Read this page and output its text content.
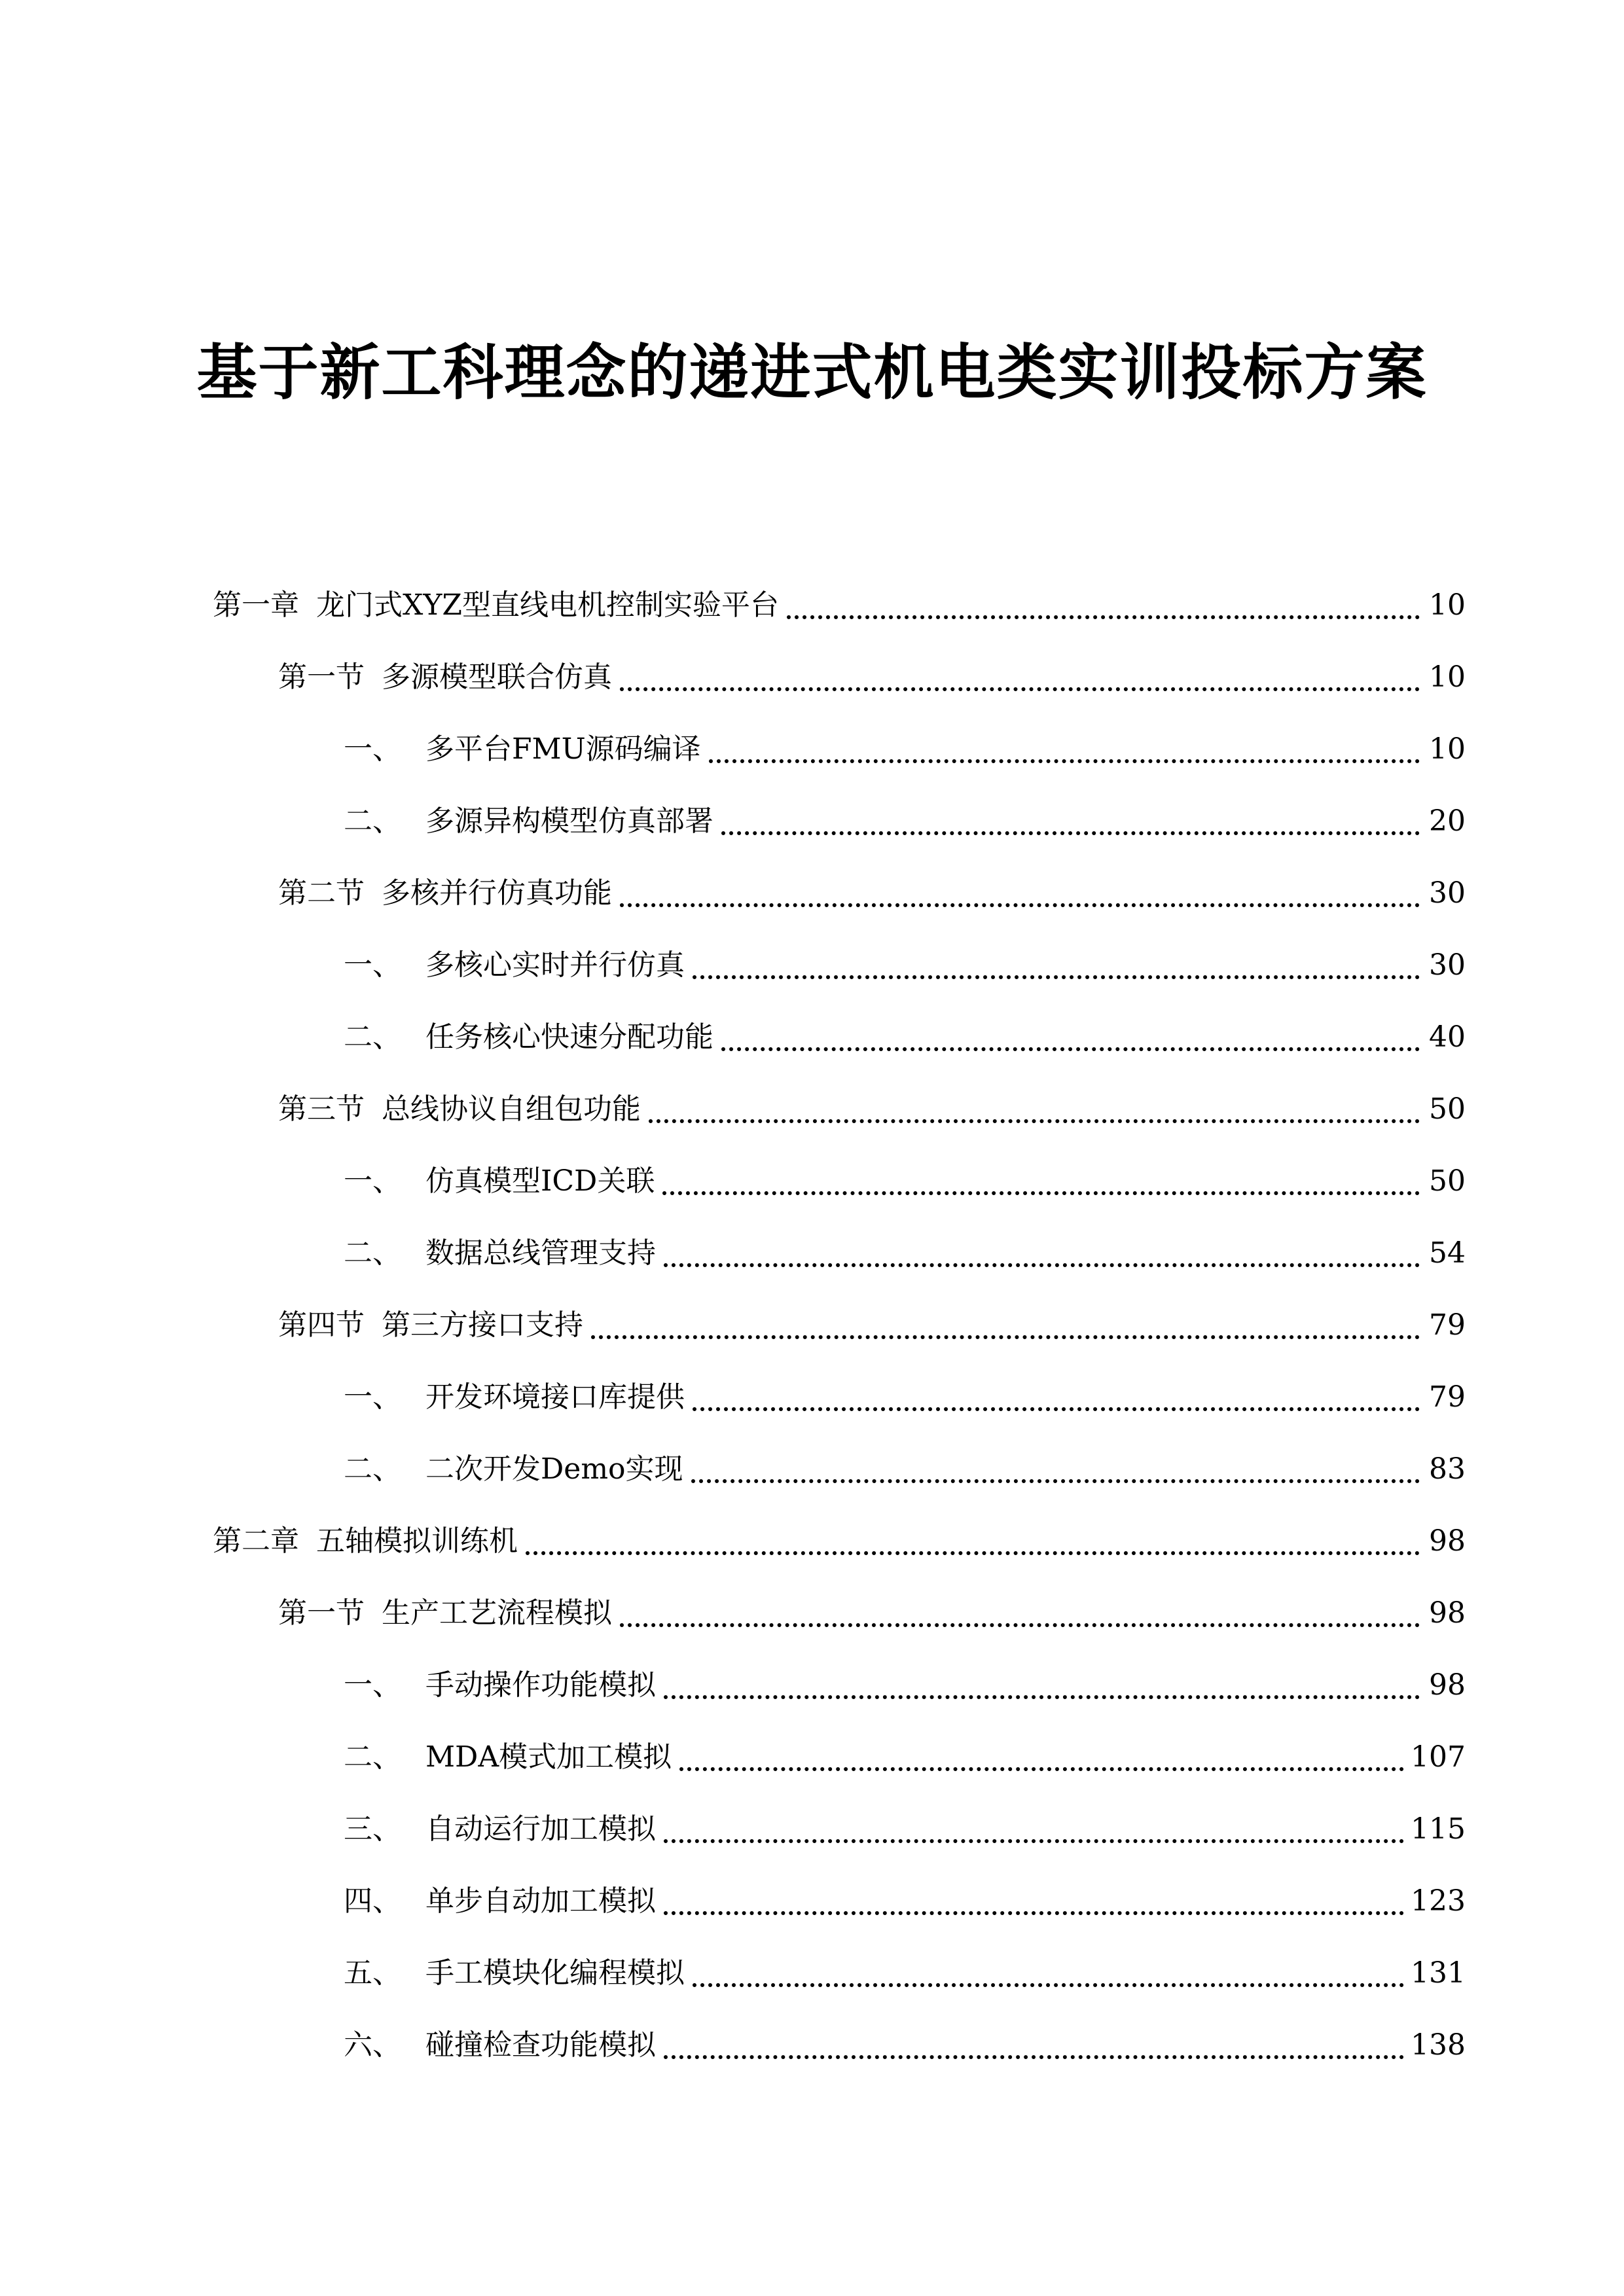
基于新工科理念的递进式机电类实训投标方案
第一章 龙门式XYZ型直线电机控制实验平台	10
第一节 多源模型联合仿真	10
一、 多平台FMU源码编译	10
二、 多源异构模型仿真部署	20
第二节 多核并行仿真功能	30
一、 多核心实时并行仿真	30
二、 任务核心快速分配功能	40
第三节 总线协议自组包功能	50
一、 仿真模型ICD关联	50
二、 数据总线管理支持	54
第四节 第三方接口支持	79
一、 开发环境接口库提供	79
二、 二次开发Demo实现	83
第二章 五轴模拟训练机	98
第一节 生产工艺流程模拟	98
一、 手动操作功能模拟	98
二、 MDA模式加工模拟	107
三、 自动运行加工模拟	115
四、 单步自动加工模拟	123
五、 手工模块化编程模拟	131
六、 碰撞检查功能模拟	138
